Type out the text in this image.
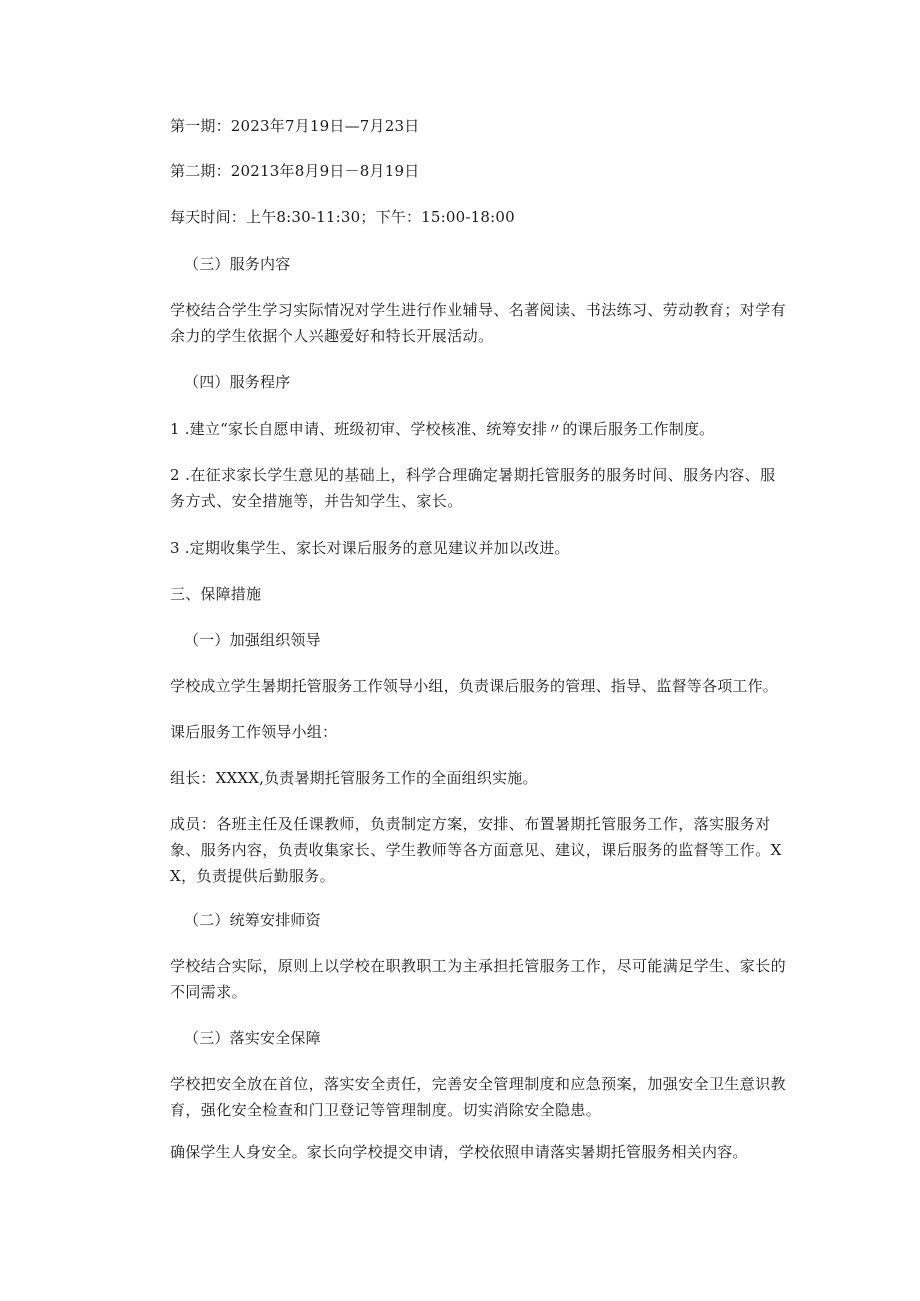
第一期：2023年7月19日—7月23日
第二期：20213年8月9日－8月19日
每天时间：上午8:30-11:30；下午：15:00-18:00
（三）服务内容
学校结合学生学习实际情况对学生进行作业辅导、名著阅读、书法练习、劳动教育；对学有余力的学生依据个人兴趣爱好和特长开展活动。
（四）服务程序
1 .建立“家长自愿申请、班级初审、学校核准、统筹安排〃的课后服务工作制度。
2 .在征求家长学生意见的基础上，科学合理确定暑期托管服务的服务时间、服务内容、服务方式、安全措施等，并告知学生、家长。
3 .定期收集学生、家长对课后服务的意见建议并加以改进。
三、保障措施
（一）加强组织领导
学校成立学生暑期托管服务工作领导小组，负责课后服务的管理、指导、监督等各项工作。
课后服务工作领导小组：
组长：XXXX,负责暑期托管服务工作的全面组织实施。
成员：各班主任及任课教师，负责制定方案，安排、布置暑期托管服务工作，落实服务对象、服务内容，负责收集家长、学生教师等各方面意见、建议，课后服务的监督等工作。XX，负责提供后勤服务。
（二）统筹安排师资
学校结合实际，原则上以学校在职教职工为主承担托管服务工作，尽可能满足学生、家长的不同需求。
（三）落实安全保障
学校把安全放在首位，落实安全责任，完善安全管理制度和应急预案，加强安全卫生意识教育，强化安全检查和门卫登记等管理制度。切实消除安全隐患。
确保学生人身安全。家长向学校提交申请，学校依照申请落实暑期托管服务相关内容。
